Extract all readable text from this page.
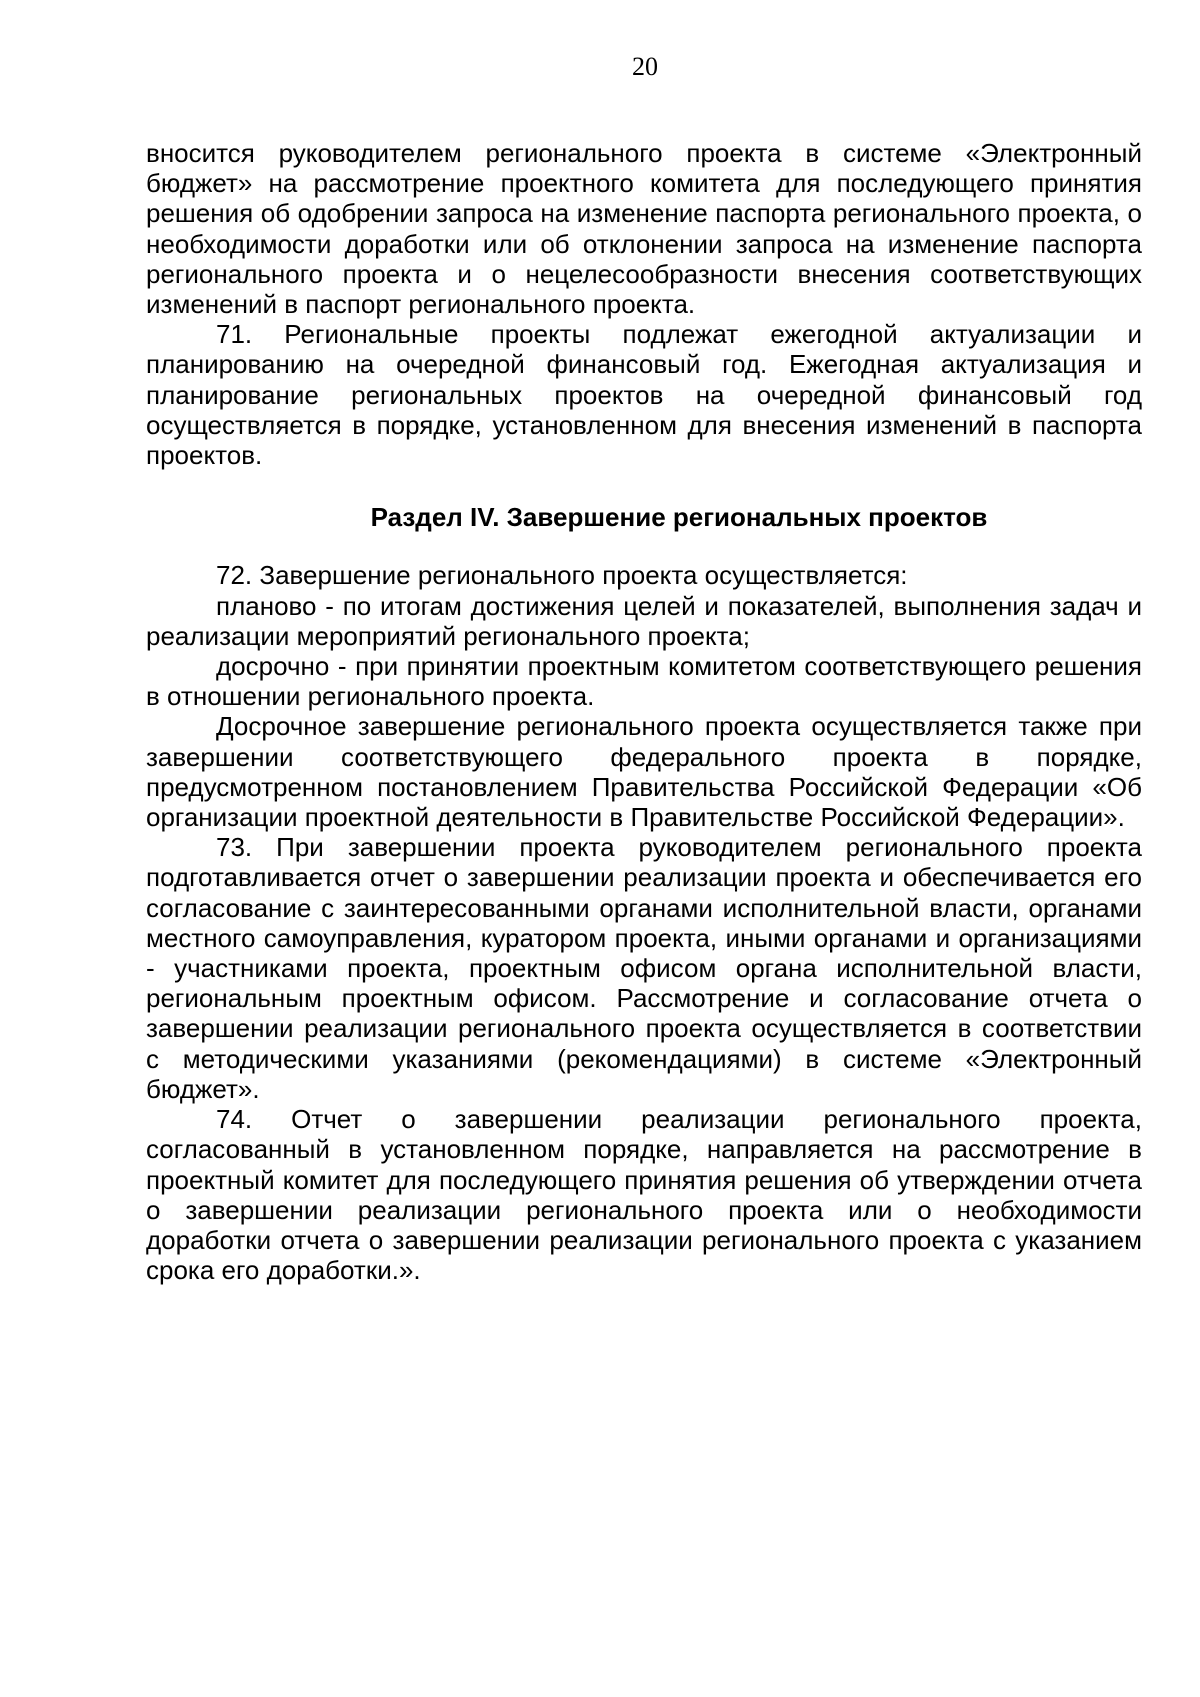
20

вносится руководителем регионального проекта в системе «Электронный бюджет» на рассмотрение проектного комитета для последующего принятия решения об одобрении запроса на изменение паспорта регионального проекта, о необходимости доработки или об отклонении запроса на изменение паспорта регионального проекта и о нецелесообразности внесения соответствующих изменений в паспорт регионального проекта.

71. Региональные проекты подлежат ежегодной актуализации и планированию на очередной финансовый год. Ежегодная актуализация и планирование региональных проектов на очередной финансовый год осуществляется в порядке, установленном для внесения изменений в паспорта проектов.

Раздел IV. Завершение региональных проектов

72. Завершение регионального проекта осуществляется:

планово - по итогам достижения целей и показателей, выполнения задач и реализации мероприятий регионального проекта;

досрочно - при принятии проектным комитетом соответствующего решения в отношении регионального проекта.

Досрочное завершение регионального проекта осуществляется также при завершении соответствующего федерального проекта в порядке, предусмотренном постановлением Правительства Российской Федерации «Об организации проектной деятельности в Правительстве Российской Федерации».

73. При завершении проекта руководителем регионального проекта подготавливается отчет о завершении реализации проекта и обеспечивается его согласование с заинтересованными органами исполнительной власти, органами местного самоуправления, куратором проекта, иными органами и организациями - участниками проекта, проектным офисом органа исполнительной власти, региональным проектным офисом. Рассмотрение и согласование отчета о завершении реализации регионального проекта осуществляется в соответствии с методическими указаниями (рекомендациями) в системе «Электронный бюджет».

74. Отчет о завершении реализации регионального проекта, согласованный в установленном порядке, направляется на рассмотрение в проектный комитет для последующего принятия решения об утверждении отчета о завершении реализации регионального проекта или о необходимости доработки отчета о завершении реализации регионального проекта с указанием срока его доработки.».
